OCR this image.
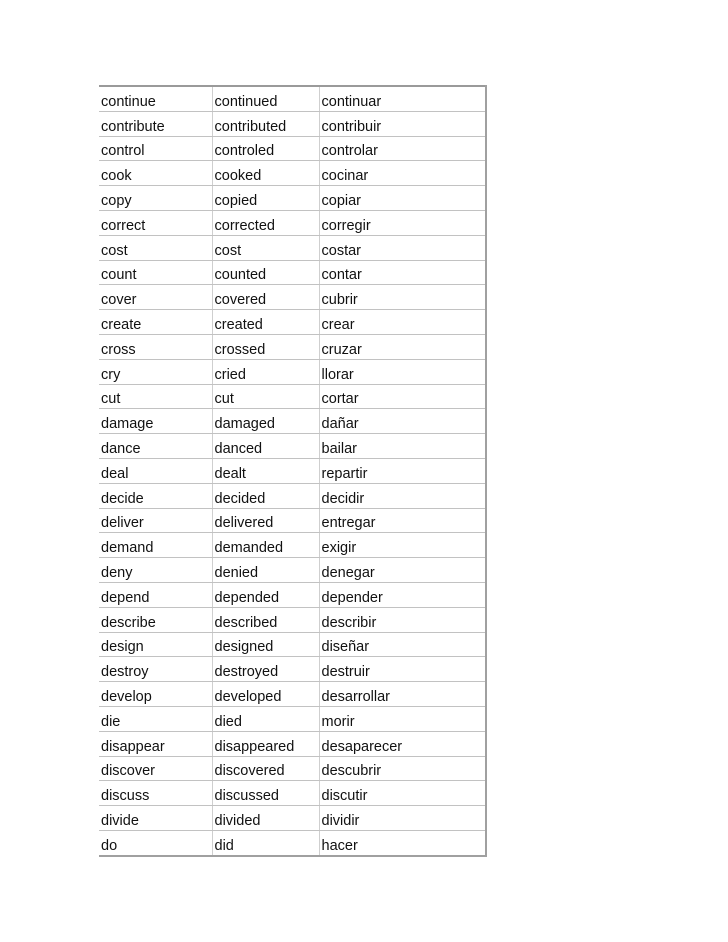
continue	continued	continuar
contribute	contributed	contribuir
control	controled	controlar
cook	cooked	cocinar
copy	copied	copiar
correct	corrected	corregir
cost	cost	costar
count	counted	contar
cover	covered	cubrir
create	created	crear
cross	crossed	cruzar
cry	cried	llorar
cut	cut	cortar
damage	damaged	dañar
dance	danced	bailar
deal	dealt	repartir
decide	decided	decidir
deliver	delivered	entregar
demand	demanded	exigir
deny	denied	denegar
depend	depended	depender
describe	described	describir
design	designed	diseñar
destroy	destroyed	destruir
develop	developed	desarrollar
die	died	morir
disappear	disappeared	desaparecer
discover	discovered	descubrir
discuss	discussed	discutir
divide	divided	dividir
do	did	hacer
